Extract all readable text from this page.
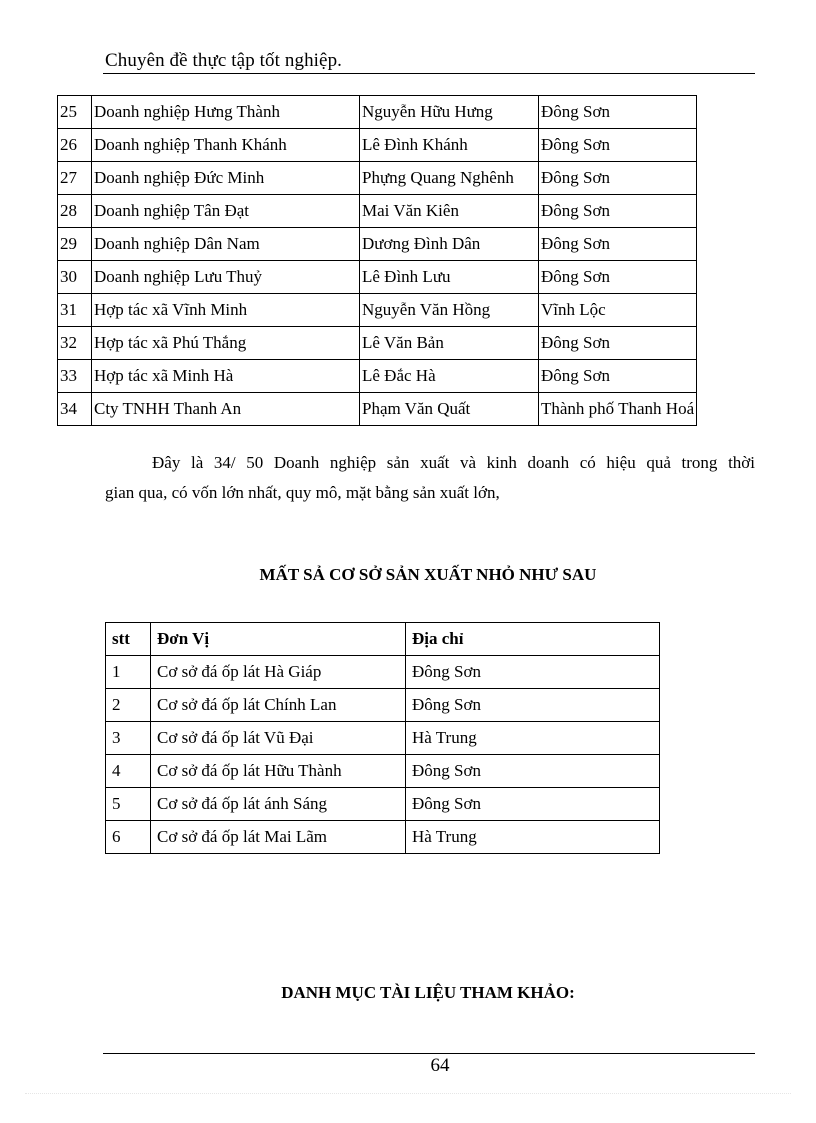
Chuyên đề thực tập tốt nghiệp.
25	Doanh nghiệp Hưng Thành	Nguyễn Hữu Hưng	Đông Sơn
26	Doanh nghiệp Thanh Khánh	Lê Đình Khánh	Đông Sơn
27	Doanh nghiệp Đức Minh	Phựng Quang Nghênh	Đông Sơn
28	Doanh nghiệp Tân Đạt	Mai Văn Kiên	Đông Sơn
29	Doanh nghiệp Dân Nam	Dương Đình Dân	Đông Sơn
30	Doanh nghiệp Lưu Thuỷ	Lê Đình Lưu	Đông Sơn
31	Hợp tác xã Vĩnh Minh	Nguyễn Văn Hồng	Vĩnh Lộc
32	Hợp tác xã Phú Thắng	Lê Văn Bản	Đông Sơn
33	Hợp tác xã Minh Hà	Lê Đắc Hà	Đông Sơn
34	Cty TNHH Thanh An	Phạm Văn Quất	Thành phố Thanh Hoá
Đây là 34/ 50 Doanh nghiệp sản xuất và kinh doanh có hiệu quả trong thời
gian qua, có vốn lớn nhất, quy mô, mặt bằng sản xuất lớn,
MẤT SẢ CƠ SỞ SẢN XUẤT NHỎ NHƯ SAU
stt	Đơn Vị	Địa chỉ
1	Cơ sở đá ốp lát Hà Giáp	Đông Sơn
2	Cơ sở đá ốp lát Chính Lan	Đông Sơn
3	Cơ sở đá ốp lát Vũ Đại	Hà Trung
4	Cơ sở đá ốp lát Hữu Thành	Đông Sơn
5	Cơ sở đá ốp lát ánh Sáng	Đông Sơn
6	Cơ sở đá ốp lát Mai Lãm	Hà Trung
DANH MỤC TÀI LIỆU THAM KHẢO:
64
